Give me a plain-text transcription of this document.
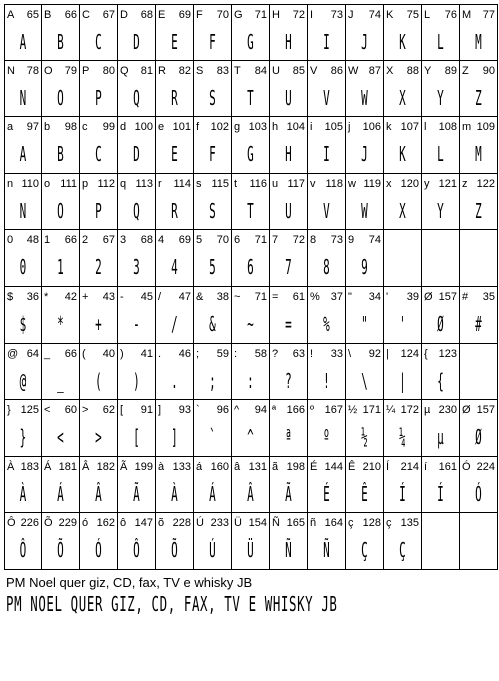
A 65
A
B 66
B
C 67
C
D 68
D
E 69
E
F 70
F
G 71
G
H 72
H
I 73
I
J 74
J
K 75
K
L 76
L
M 77
M
N 78
N
O 79
O
P 80
P
Q 81
Q
R 82
R
S 83
S
T 84
T
U 85
U
V 86
V
W 87
W
X 88
X
Y 89
Y
Z 90
Z
a 97
A
b 98
B
c 99
C
d 100
D
e 101
E
f 102
F
g 103
G
h 104
H
i 105
I
j 106
J
k 107
K
l 108
L
m 109
M
n 110
N
o 111
O
p 112
P
q 113
Q
r 114
R
s 115
S
t 116
T
u 117
U
v 118
V
w 119
W
x 120
X
y 121
Y
z 122
Z
0 48
0
1 66
1
2 67
2
3 68
3
4 69
4
5 70
5
6 71
6
7 72
7
8 73
8
9 74
9
$ 36
$
* 42
*
+ 43
+
- 45
-
/ 47
/
& 38
&
~ 71
~
= 61
=
% 37
%
" 34
"
' 39
'
Ø 157
Ø
# 35
#
@ 64
@
_ 66
_
( 40
(
) 41
)
. 46
.
; 59
;
: 58
:
? 63
?
! 33
!
\ 92
\
| 124
|
{ 123
{
} 125
}
< 60
<
> 62
>
[ 91
[
] 93
]
` 96
`
^ 94
^
ª 166
ª
º 167
º
½ 171
½
¼ 172
¼
µ 230
µ
Ø 157
Ø
À 183
À
Á 181
Á
Â 182
Â
Ã 199
Ã
à 133
À
á 160
Á
â 131
Â
ã 198
Ã
É 144
É
Ê 210
Ê
Í 214
Í
í 161
Í
Ó 224
Ó
Ô 226
Ô
Õ 229
Õ
ó 162
Ó
ô 147
Ô
õ 228
Õ
Ú 233
Ú
Ü 154
Ü
Ñ 165
Ñ
ñ 164
Ñ
ç 128
Ç
ç 135
Ç
PM Noel quer giz, CD, fax, TV e whisky JB
PM NOEL QUER GIZ, CD, FAX, TV E WHISKY JB
